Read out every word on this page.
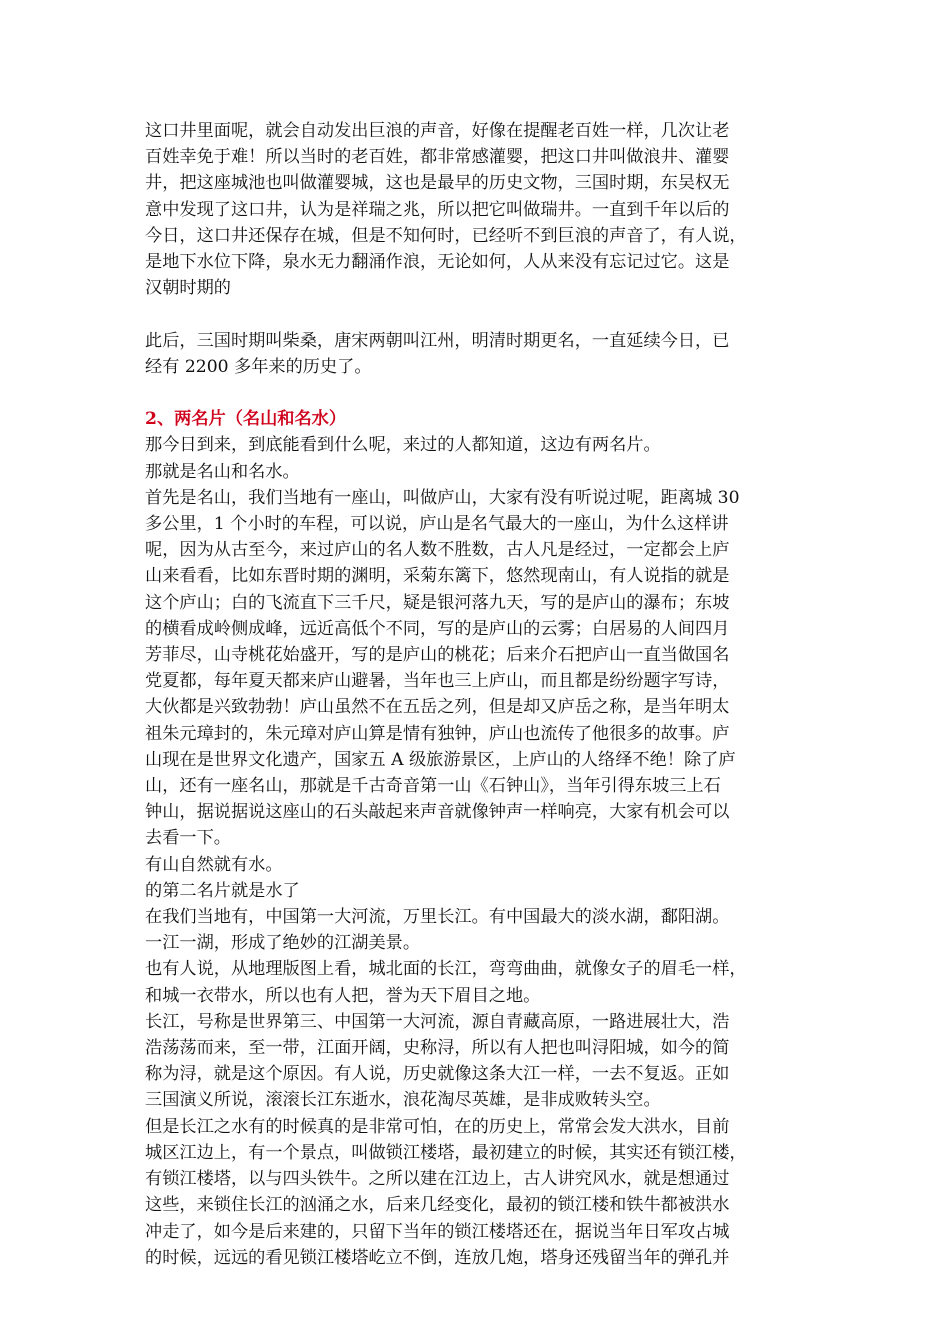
这口井里面呢，就会自动发出巨浪的声音，好像在提醒老百姓一样，几次让老
百姓幸免于难！所以当时的老百姓，都非常感灌婴，把这口井叫做浪井、灌婴
井，把这座城池也叫做灌婴城，这也是最早的历史文物，三国时期，东吴权无
意中发现了这口井，认为是祥瑞之兆，所以把它叫做瑞井。一直到千年以后的
今日，这口井还保存在城，但是不知何时，已经听不到巨浪的声音了，有人说，
是地下水位下降，泉水无力翻涌作浪，无论如何，人从来没有忘记过它。这是
汉朝时期的
此后，三国时期叫柴桑，唐宋两朝叫江州，明清时期更名，一直延续今日，已
经有 2200 多年来的历史了。

2、两名片（名山和名水）

那今日到来，到底能看到什么呢，来过的人都知道，这边有两名片。
那就是名山和名水。
首先是名山，我们当地有一座山，叫做庐山，大家有没有听说过呢，距离城 30
多公里，1 个小时的车程，可以说，庐山是名气最大的一座山，为什么这样讲
呢，因为从古至今，来过庐山的名人数不胜数，古人凡是经过，一定都会上庐
山来看看，比如东晋时期的渊明，采菊东篱下，悠然现南山，有人说指的就是
这个庐山；白的飞流直下三千尺，疑是银河落九天，写的是庐山的瀑布；东坡
的横看成岭侧成峰，远近高低个不同，写的是庐山的云雾；白居易的人间四月
芳菲尽，山寺桃花始盛开，写的是庐山的桃花；后来介石把庐山一直当做国名
党夏都，每年夏天都来庐山避暑，当年也三上庐山，而且都是纷纷题字写诗，
大伙都是兴致勃勃！庐山虽然不在五岳之列，但是却又庐岳之称，是当年明太
祖朱元璋封的，朱元璋对庐山算是情有独钟，庐山也流传了他很多的故事。庐
山现在是世界文化遗产，国家五 A 级旅游景区，上庐山的人络绎不绝！除了庐
山，还有一座名山，那就是千古奇音第一山《石钟山》，当年引得东坡三上石
钟山，据说据说这座山的石头敲起来声音就像钟声一样响亮，大家有机会可以
去看一下。
有山自然就有水。
的第二名片就是水了
在我们当地有，中国第一大河流，万里长江。有中国最大的淡水湖，鄱阳湖。
一江一湖，形成了绝妙的江湖美景。
也有人说，从地理版图上看，城北面的长江，弯弯曲曲，就像女子的眉毛一样，
和城一衣带水，所以也有人把，誉为天下眉目之地。
长江，号称是世界第三、中国第一大河流，源自青藏高原，一路进展壮大，浩
浩荡荡而来，至一带，江面开阔，史称浔，所以有人把也叫浔阳城，如今的简
称为浔，就是这个原因。有人说，历史就像这条大江一样，一去不复返。正如
三国演义所说，滚滚长江东逝水，浪花淘尽英雄，是非成败转头空。
但是长江之水有的时候真的是非常可怕，在的历史上，常常会发大洪水，目前
城区江边上，有一个景点，叫做锁江楼塔，最初建立的时候，其实还有锁江楼，
有锁江楼塔，以与四头铁牛。之所以建在江边上，古人讲究风水，就是想通过
这些，来锁住长江的汹涌之水，后来几经变化，最初的锁江楼和铁牛都被洪水
冲走了，如今是后来建的，只留下当年的锁江楼塔还在，据说当年日军攻占城
的时候，远远的看见锁江楼塔屹立不倒，连放几炮，塔身还残留当年的弹孔并
